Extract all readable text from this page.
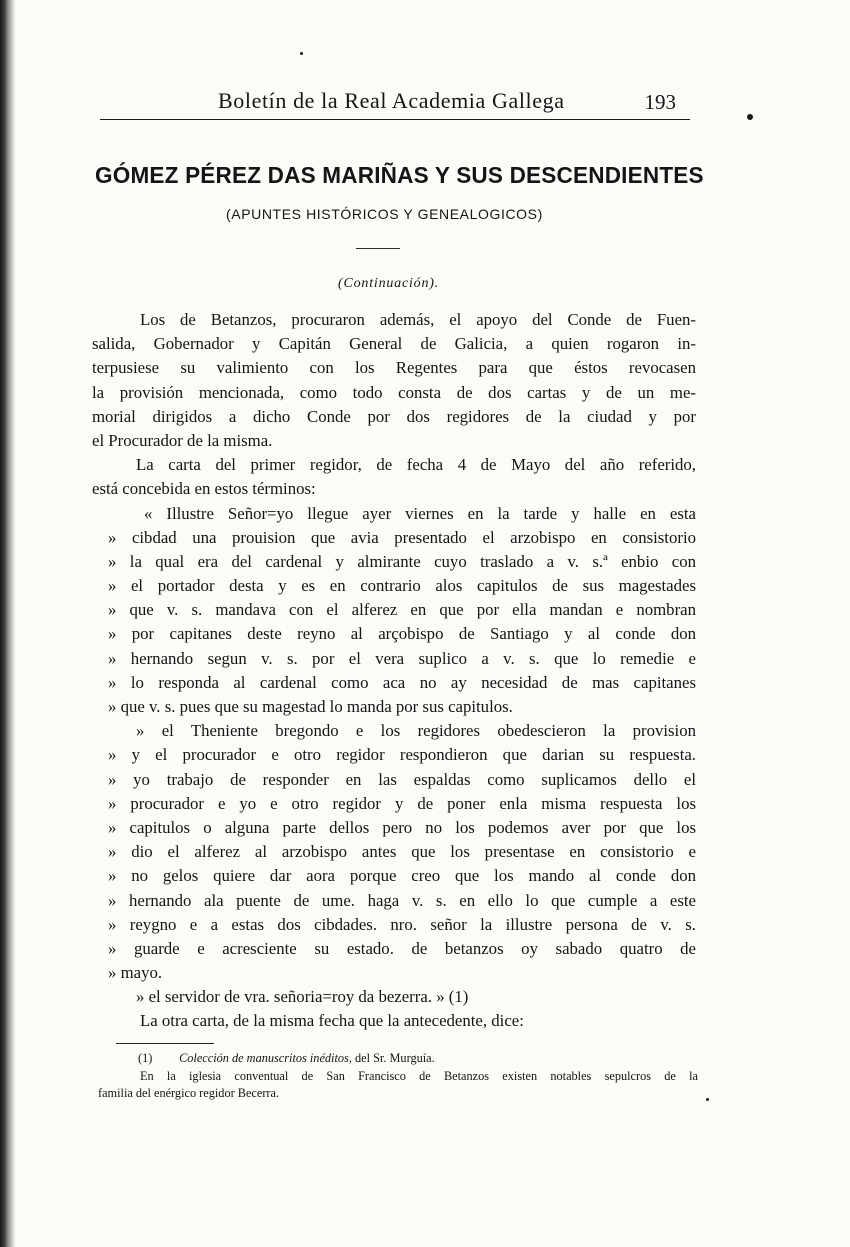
Boletín de la Real Academia Gallega	193
GÓMEZ PÉREZ DAS MARIÑAS Y SUS DESCENDIENTES
(APUNTES HISTÓRICOS Y GENEALOGICOS)
(Continuación).
Los de Betanzos, procuraron además, el apoyo del Conde de Fuen-
salida, Gobernador y Capitán General de Galicia, a quien rogaron in-
terpusiese su valimiento con los Regentes para que éstos revocasen
la provisión mencionada, como todo consta de dos cartas y de un me-
morial dirigidos a dicho Conde por dos regidores de la ciudad y por
el Procurador de la misma.
La carta del primer regidor, de fecha 4 de Mayo del año referido,
está concebida en estos términos:
« Illustre Señor=yo llegue ayer viernes en la tarde y halle en esta
» cibdad una prouision que avia presentado el arzobispo en consistorio
» la qual era del cardenal y almirante cuyo traslado a v. s.ª enbio con
» el portador desta y es en contrario alos capitulos de sus magestades
» que v. s. mandava con el alferez en que por ella mandan e nombran
» por capitanes deste reyno al arçobispo de Santiago y al conde don
» hernando segun v. s. por el vera suplico a v. s. que lo remedie e
» lo responda al cardenal como aca no ay necesidad de mas capitanes
» que v. s. pues que su magestad lo manda por sus capitulos.
» el Theniente bregondo e los regidores obedescieron la provision
» y el procurador e otro regidor respondieron que darian su respuesta.
» yo trabajo de responder en las espaldas como suplicamos dello el
» procurador e yo e otro regidor y de poner enla misma respuesta los
» capitulos o alguna parte dellos pero no los podemos aver por que los
» dio el alferez al arzobispo antes que los presentase en consistorio e
» no gelos quiere dar aora porque creo que los mando al conde don
» hernando ala puente de ume. haga v. s. en ello lo que cumple a este
» reygno e a estas dos cibdades. nro. señor la illustre persona de v. s.
» guarde e acresciente su estado. de betanzos oy sabado quatro de
» mayo.
» el servidor de vra. señoria=roy da bezerra. » (1)
La otra carta, de la misma fecha que la antecedente, dice:
(1) Colección de manuscritos inéditos, del Sr. Murguía.
En la iglesia conventual de San Francisco de Betanzos existen notables sepulcros de la
familia del enérgico regidor Becerra.
